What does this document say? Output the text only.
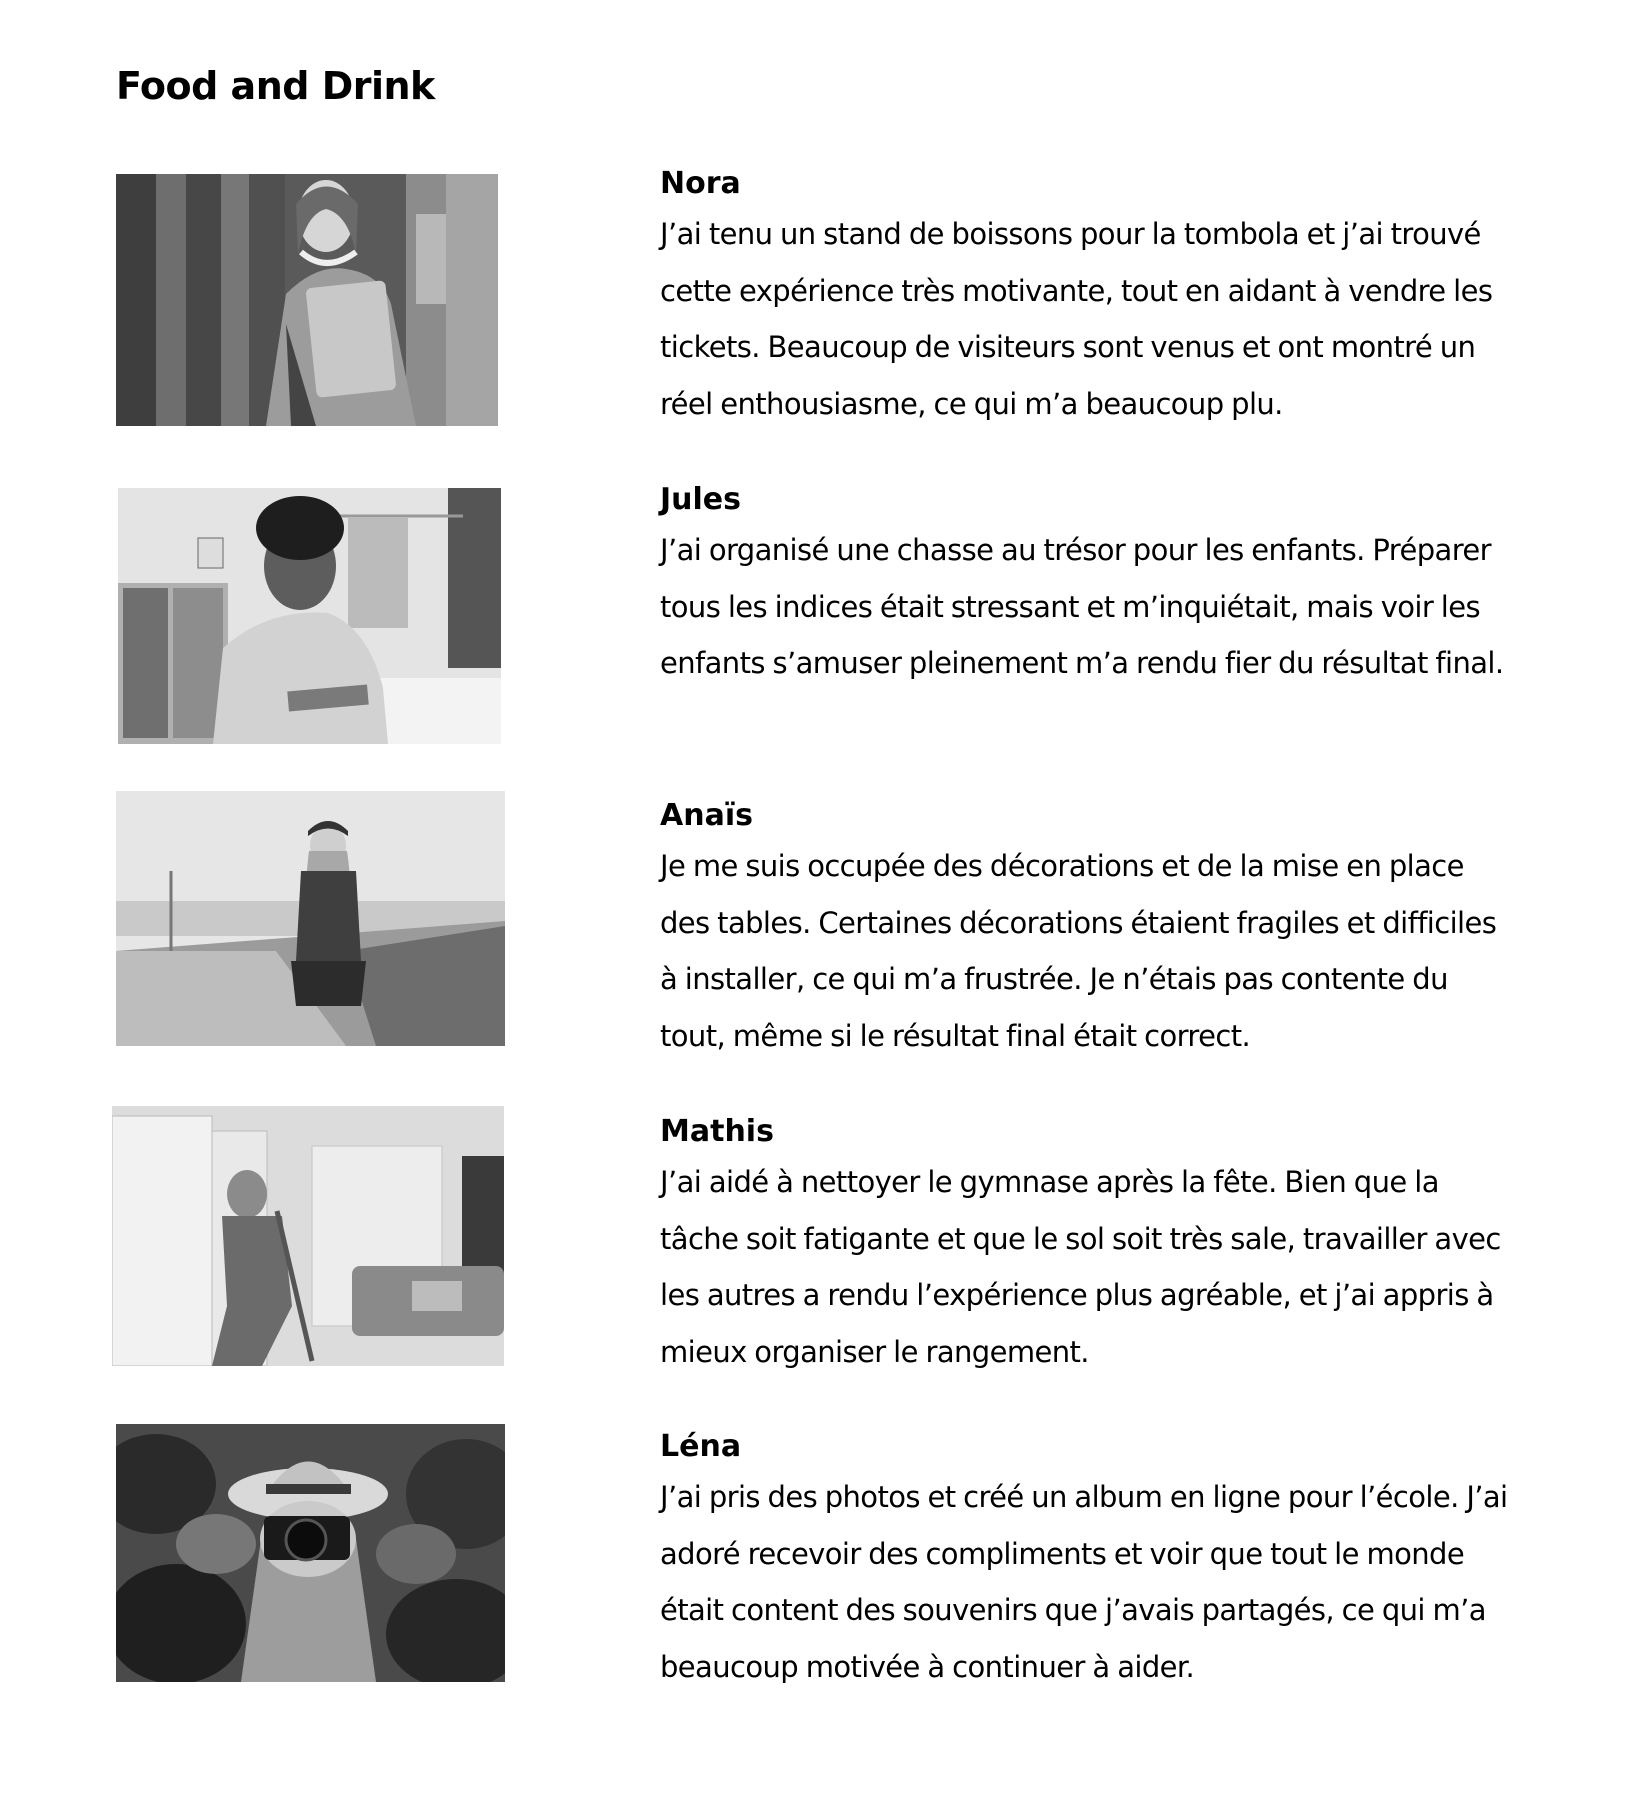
Food and Drink

Nora

J’ai tenu un stand de boissons pour la tombola et j’ai trouvé cette expérience très motivante, tout en aidant à vendre les tickets. Beaucoup de visiteurs sont venus et ont montré un réel enthousiasme, ce qui m’a beaucoup plu.

Jules

J’ai organisé une chasse au trésor pour les enfants. Préparer tous les indices était stressant et m’inquiétait, mais voir les enfants s’amuser pleinement m’a rendu fier du résultat final.

Anaïs

Je me suis occupée des décorations et de la mise en place des tables. Certaines décorations étaient fragiles et difficiles à installer, ce qui m’a frustrée. Je n’étais pas contente du tout, même si le résultat final était correct.

Mathis

J’ai aidé à nettoyer le gymnase après la fête. Bien que la tâche soit fatigante et que le sol soit très sale, travailler avec les autres a rendu l’expérience plus agréable, et j’ai appris à mieux organiser le rangement.

Léna

J’ai pris des photos et créé un album en ligne pour l’école. J’ai adoré recevoir des compliments et voir que tout le monde était content des souvenirs que j’avais partagés, ce qui m’a beaucoup motivée à continuer à aider.
